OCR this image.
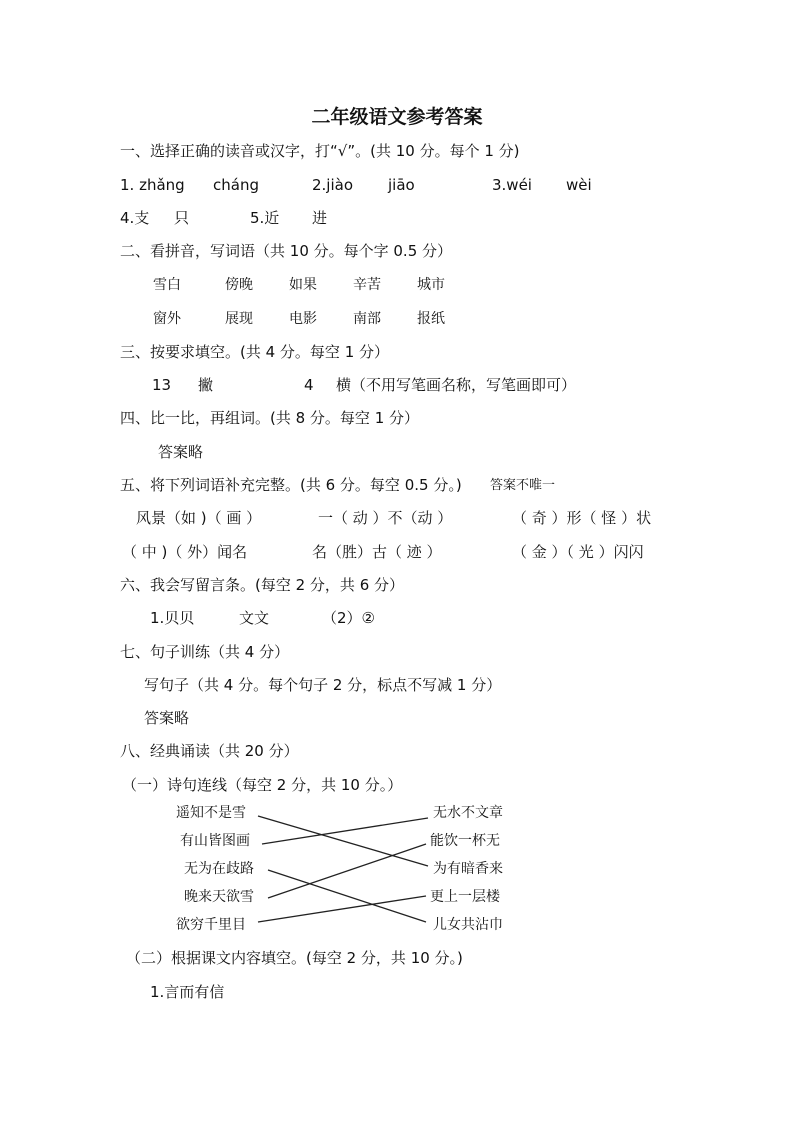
二年级语文参考答案
一、选择正确的读音或汉字，打“√”。(共 10 分。每个 1 分)
1. zhǎng cháng	2.jiào jiāo	3.wéi wèi
4.支 只	5.近 进
二、看拼音，写词语（共 10 分。每个字 0.5 分）
雪白	傍晚	如果	辛苦	城市
窗外	展现	电影	南部	报纸
三、按要求填空。(共 4 分。每空 1 分）
13 撇	4 横（不用写笔画名称，写笔画即可）
四、比一比，再组词。(共 8 分。每空 1 分）
答案略
五、将下列词语补充完整。(共 6 分。每空 0.5 分。) 答案不唯一
风景（如 )（ 画 ）	一（ 动 ）不（动 ）	（ 奇 ）形（ 怪 ）状
（ 中 )（ 外）闻名	名（胜）古（ 迹 ）	（ 金 ）（ 光 ）闪闪
六、我会写留言条。(每空 2 分，共 6 分）
1.贝贝	文文	（2）②
七、句子训练（共 4 分）
写句子（共 4 分。每个句子 2 分，标点不写减 1 分）
答案略
八、经典诵读（共 20 分）
（一）诗句连线（每空 2 分，共 10 分。）
遥知不是雪
有山皆图画
无为在歧路
晚来天欲雪
欲穷千里目
无水不文章
能饮一杯无
为有暗香来
更上一层楼
儿女共沾巾
（二）根据课文内容填空。(每空 2 分，共 10 分。)
1.言而有信
